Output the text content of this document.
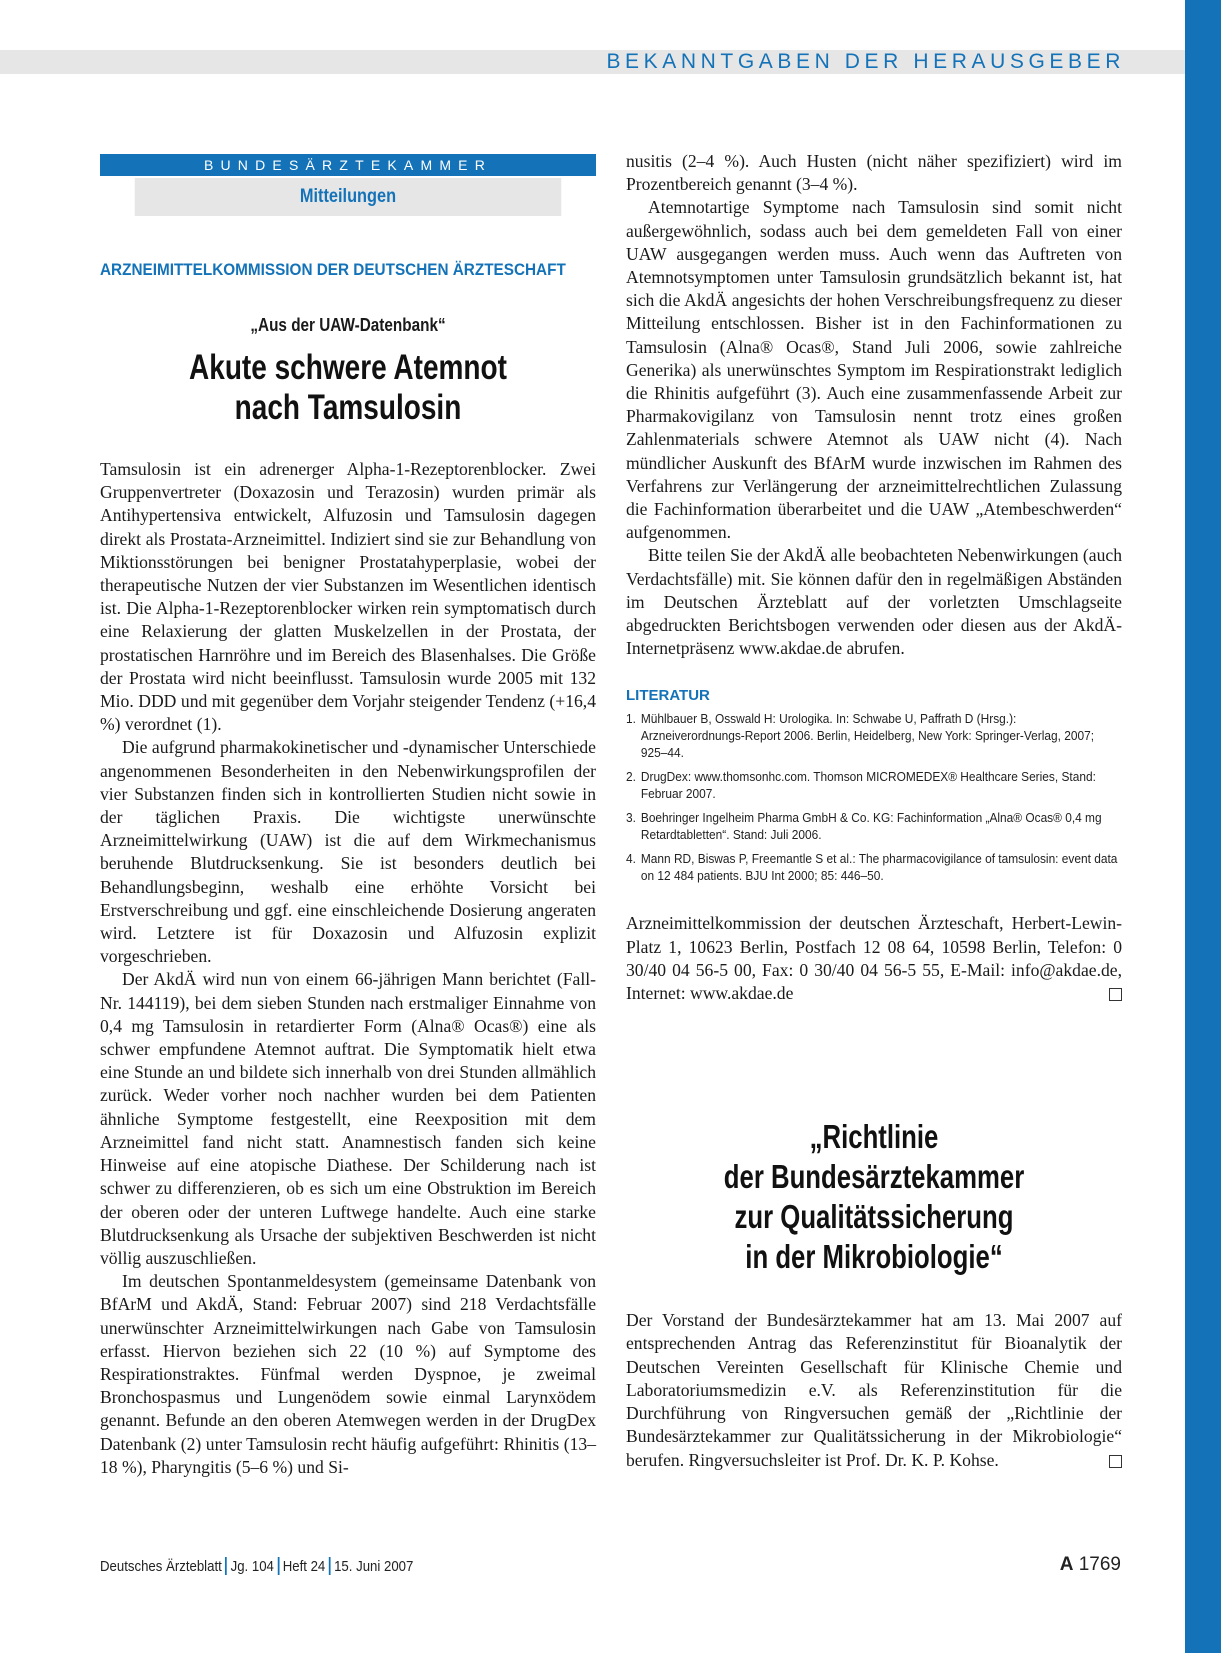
BEKANNTGABEN DER HERAUSGEBER
BUNDESÄRZTEKAMMER
Mitteilungen
ARZNEIMITTELKOMMISSION DER DEUTSCHEN ÄRZTESCHAFT
„Aus der UAW-Datenbank“
Akute schwere Atemnot
nach Tamsulosin

Tamsulosin ist ein adrenerger Alpha-1-Rezeptorenblocker. Zwei Gruppenvertreter (Doxazosin und Terazosin) wurden primär als Antihypertensiva entwickelt, Alfuzosin und Tamsulosin dagegen direkt als Prostata-Arzneimittel. Indiziert sind sie zur Behandlung von Miktionsstörungen bei benigner Prostatahyperplasie, wobei der therapeutische Nutzen der vier Substanzen im Wesentlichen identisch ist. Die Alpha-1-Rezeptorenblocker wirken rein symptomatisch durch eine Relaxierung der glatten Muskelzellen in der Prostata, der prostatischen Harnröhre und im Bereich des Blasenhalses. Die Größe der Prostata wird nicht beeinflusst. Tamsulosin wurde 2005 mit 132 Mio. DDD und mit gegenüber dem Vorjahr steigender Tendenz (+16,4 %) verordnet (1).

Die aufgrund pharmakokinetischer und -dynamischer Unterschiede angenommenen Besonderheiten in den Nebenwirkungsprofilen der vier Substanzen finden sich in kontrollierten Studien nicht sowie in der täglichen Praxis. Die wichtigste unerwünschte Arzneimittelwirkung (UAW) ist die auf dem Wirkmechanismus beruhende Blutdrucksenkung. Sie ist besonders deutlich bei Behandlungsbeginn, weshalb eine erhöhte Vorsicht bei Erstverschreibung und ggf. eine einschleichende Dosierung angeraten wird. Letztere ist für Doxazosin und Alfuzosin explizit vorgeschrieben.

Der AkdÄ wird nun von einem 66-jährigen Mann berichtet (Fall-Nr. 144119), bei dem sieben Stunden nach erstmaliger Einnahme von 0,4 mg Tamsulosin in retardierter Form (Alna® Ocas®) eine als schwer empfundene Atemnot auftrat. Die Symptomatik hielt etwa eine Stunde an und bildete sich innerhalb von drei Stunden allmählich zurück. Weder vorher noch nachher wurden bei dem Patienten ähnliche Symptome festgestellt, eine Reexposition mit dem Arzneimittel fand nicht statt. Anamnestisch fanden sich keine Hinweise auf eine atopische Diathese. Der Schilderung nach ist schwer zu differenzieren, ob es sich um eine Obstruktion im Bereich der oberen oder der unteren Luftwege handelte. Auch eine starke Blutdrucksenkung als Ursache der subjektiven Beschwerden ist nicht völlig auszuschließen.

Im deutschen Spontanmeldesystem (gemeinsame Datenbank von BfArM und AkdÄ, Stand: Februar 2007) sind 218 Verdachtsfälle unerwünschter Arzneimittelwirkungen nach Gabe von Tamsulosin erfasst. Hiervon beziehen sich 22 (10 %) auf Symptome des Respirationstraktes. Fünfmal werden Dyspnoe, je zweimal Bronchospasmus und Lungenödem sowie einmal Larynxödem genannt. Befunde an den oberen Atemwegen werden in der DrugDex Datenbank (2) unter Tamsulosin recht häufig aufgeführt: Rhinitis (13–18 %), Pharyngitis (5–6 %) und Si-

nusitis (2–4 %). Auch Husten (nicht näher spezifiziert) wird im Prozentbereich genannt (3–4 %).

Atemnotartige Symptome nach Tamsulosin sind somit nicht außergewöhnlich, sodass auch bei dem gemeldeten Fall von einer UAW ausgegangen werden muss. Auch wenn das Auftreten von Atemnotsymptomen unter Tamsulosin grundsätzlich bekannt ist, hat sich die AkdÄ angesichts der hohen Verschreibungsfrequenz zu dieser Mitteilung entschlossen. Bisher ist in den Fachinformationen zu Tamsulosin (Alna® Ocas®, Stand Juli 2006, sowie zahlreiche Generika) als unerwünschtes Symptom im Respirationstrakt lediglich die Rhinitis aufgeführt (3). Auch eine zusammenfassende Arbeit zur Pharmakovigilanz von Tamsulosin nennt trotz eines großen Zahlenmaterials schwere Atemnot als UAW nicht (4). Nach mündlicher Auskunft des BfArM wurde inzwischen im Rahmen des Verfahrens zur Verlängerung der arzneimittelrechtlichen Zulassung die Fachinformation überarbeitet und die UAW „Atembeschwerden“ aufgenommen.

Bitte teilen Sie der AkdÄ alle beobachteten Nebenwirkungen (auch Verdachtsfälle) mit. Sie können dafür den in regelmäßigen Abständen im Deutschen Ärzteblatt auf der vorletzten Umschlagseite abgedruckten Berichtsbogen verwenden oder diesen aus der AkdÄ-Internetpräsenz www.akdae.de abrufen.

LITERATUR
1. Mühlbauer B, Osswald H: Urologika. In: Schwabe U, Paffrath D (Hrsg.): Arzneiverordnungs-Report 2006. Berlin, Heidelberg, New York: Springer-Verlag, 2007; 925–44.
2. DrugDex: www.thomsonhc.com. Thomson MICROMEDEX® Healthcare Series, Stand: Februar 2007.
3. Boehringer Ingelheim Pharma GmbH & Co. KG: Fachinformation „Alna® Ocas® 0,4 mg Retardtabletten“. Stand: Juli 2006.
4. Mann RD, Biswas P, Freemantle S et al.: The pharmacovigilance of tamsulosin: event data on 12 484 patients. BJU Int 2000; 85: 446–50.
Arzneimittelkommission der deutschen Ärzteschaft, Herbert-Lewin-Platz 1, 10623 Berlin, Postfach 12 08 64, 10598 Berlin, Telefon: 0 30/40 04 56-5 00, Fax: 0 30/40 04 56-5 55, E-Mail: info@akdae.de, Internet: www.akdae.de
„Richtlinie
der Bundesärztekammer
zur Qualitätssicherung
in der Mikrobiologie“
Der Vorstand der Bundesärztekammer hat am 13. Mai 2007 auf entsprechenden Antrag das Referenzinstitut für Bioanalytik der Deutschen Vereinten Gesellschaft für Klinische Chemie und Laboratoriumsmedizin e.V. als Referenzinstitution für die Durchführung von Ringversuchen gemäß der „Richtlinie der Bundesärztekammer zur Qualitätssicherung in der Mikrobiologie“ berufen. Ringversuchsleiter ist Prof. Dr. K. P. Kohse.
Deutsches Ärzteblatt Jg. 104 Heft 24 15. Juni 2007	A 1769
